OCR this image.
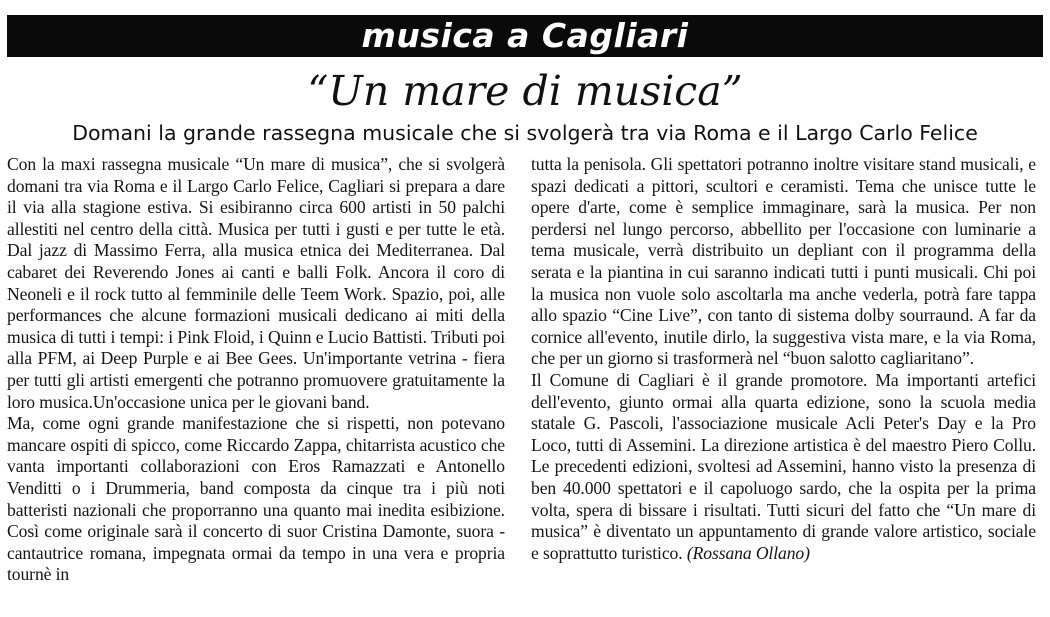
musica a Cagliari
“Un mare di musica”
Domani la grande rassegna musicale che si svolgerà tra via Roma e il Largo Carlo Felice

Con la maxi rassegna musicale “Un mare di musica”, che si svolgerà domani tra via Roma e il Largo Carlo Felice, Cagliari si prepara a dare il via alla stagione estiva. Si esibiranno circa 600 artisti in 50 palchi allestiti nel centro della città. Musica per tutti i gusti e per tutte le età. Dal jazz di Massimo Ferra, alla musica etnica dei Mediterranea. Dal cabaret dei Reverendo Jones ai canti e balli Folk. Ancora il coro di Neoneli e il rock tutto al femminile delle Teem Work. Spazio, poi, alle performances che alcune formazioni musicali dedicano ai miti della musica di tutti i tempi: i Pink Floid, i Quinn e Lucio Battisti. Tributi poi alla PFM, ai Deep Purple e ai Bee Gees. Un'importante vetrina - fiera per tutti gli artisti emergenti che potranno promuovere gratuitamente la loro musica.Un'occasione unica per le giovani band.

Ma, come ogni grande manifestazione che si rispetti, non potevano mancare ospiti di spicco, come Riccardo Zappa, chitarrista acustico che vanta importanti collaborazioni con Eros Ramazzati e Antonello Venditti o i Drummeria, band composta da cinque tra i più noti batteristi nazionali che proporranno una quanto mai inedita esibizione. Così come originale sarà il concerto di suor Cristina Damonte, suora - cantautrice romana, impegnata ormai da tempo in una vera e propria tournè in

tutta la penisola. Gli spettatori potranno inoltre visitare stand musicali, e spazi dedicati a pittori, scultori e ceramisti. Tema che unisce tutte le opere d'arte, come è semplice immaginare, sarà la musica. Per non perdersi nel lungo percorso, abbellito per l'occasione con luminarie a tema musicale, verrà distribuito un depliant con il programma della serata e la piantina in cui saranno indicati tutti i punti musicali. Chi poi la musica non vuole solo ascoltarla ma anche vederla, potrà fare tappa allo spazio “Cine Live”, con tanto di sistema dolby sourraund. A far da cornice all'evento, inutile dirlo, la suggestiva vista mare, e la via Roma, che per un giorno si trasformerà nel “buon salotto cagliaritano”.

Il Comune di Cagliari è il grande promotore. Ma importanti artefici dell'evento, giunto ormai alla quarta edizione, sono la scuola media statale G. Pascoli, l'associazione musicale Acli Peter's Day e la Pro Loco, tutti di Assemini. La direzione artistica è del maestro Piero Collu. Le precedenti edizioni, svoltesi ad Assemini, hanno visto la presenza di ben 40.000 spettatori e il capoluogo sardo, che la ospita per la prima volta, spera di bissare i risultati. Tutti sicuri del fatto che “Un mare di musica” è diventato un appuntamento di grande valore artistico, sociale e soprattutto turistico. (Rossana Ollano)
